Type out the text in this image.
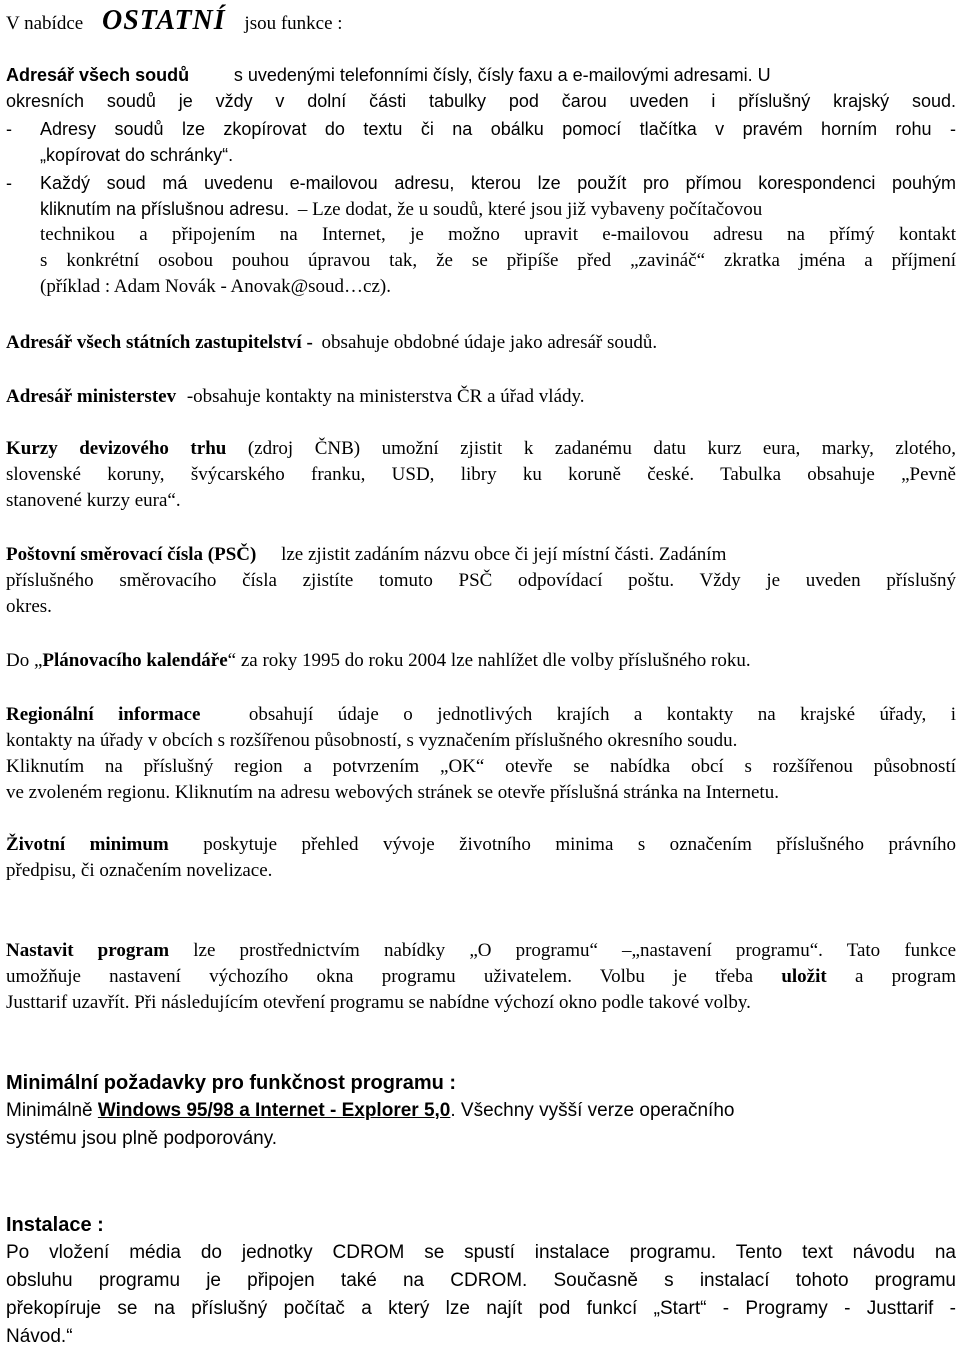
V nabídce OSTATNÍ jsou funkce :
Adresář všech soudů s uvedenými telefonními čísly, čísly faxu a e-mailovými adresami. U
okresních soudů je vždy v dolní části tabulky pod čarou uveden i příslušný krajský soud.
-	Adresy soudů lze zkopírovat do textu či na obálku pomocí tlačítka v pravém horním rohu -
„kopírovat do schránky“.
-	Každý soud má uvedenu e-mailovou adresu, kterou lze použít pro přímou korespondenci pouhým
kliknutím na příslušnou adresu. – Lze dodat, že u soudů, které jsou již vybaveny počítačovou
technikou a připojením na Internet, je možno upravit e-mailovou adresu na přímý kontakt
s konkrétní osobou pouhou úpravou tak, že se připíše před „zavináč“ zkratka jména a příjmení
(příklad : Adam Novák - Anovak@soud…cz).
Adresář všech státních zastupitelství - obsahuje obdobné údaje jako adresář soudů.
Adresář ministerstev -obsahuje kontakty na ministerstva ČR a úřad vlády.
Kurzy devizového trhu (zdroj ČNB) umožní zjistit k zadanému datu kurz eura, marky, zlotého,
slovenské koruny, švýcarského franku, USD, libry ku koruně české. Tabulka obsahuje „Pevně
stanovené kurzy eura“.
Poštovní směrovací čísla (PSČ) lze zjistit zadáním názvu obce či její místní části. Zadáním
příslušného směrovacího čísla zjistíte tomuto PSČ odpovídací poštu. Vždy je uveden příslušný
okres.
Do „Plánovacího kalendáře“ za roky 1995 do roku 2004 lze nahlížet dle volby příslušného roku.
Regionální informace	obsahují údaje o jednotlivých krajích a kontakty na krajské úřady, i
kontakty na úřady v obcích s rozšířenou působností, s vyznačením příslušného okresního soudu.
Kliknutím na příslušný region a potvrzením „OK“ otevře se nabídka obcí s rozšířenou působností
ve zvoleném regionu. Kliknutím na adresu webových stránek se otevře příslušná stránka na Internetu.
Životní minimum poskytuje přehled vývoje životního minima s označením příslušného právního
předpisu, či označením novelizace.
Nastavit program lze prostřednictvím nabídky „O programu“ –„nastavení programu“. Tato funkce
umožňuje nastavení výchozího okna programu uživatelem. Volbu je třeba uložit a program
Justtarif uzavřít. Při následujícím otevření programu se nabídne výchozí okno podle takové volby.
Minimální požadavky pro funkčnost programu :
Minimálně Windows 95/98 a Internet - Explorer 5,0. Všechny vyšší verze operačního
systému jsou plně podporovány.
Instalace :
Po vložení média do jednotky CDROM se spustí instalace programu. Tento text návodu na
obsluhu programu je připojen také na CDROM. Současně s instalací tohoto programu
překopíruje se na příslušný počítač a který lze najít pod funkcí „Start“ - Programy - Justtarif -
Návod.“
